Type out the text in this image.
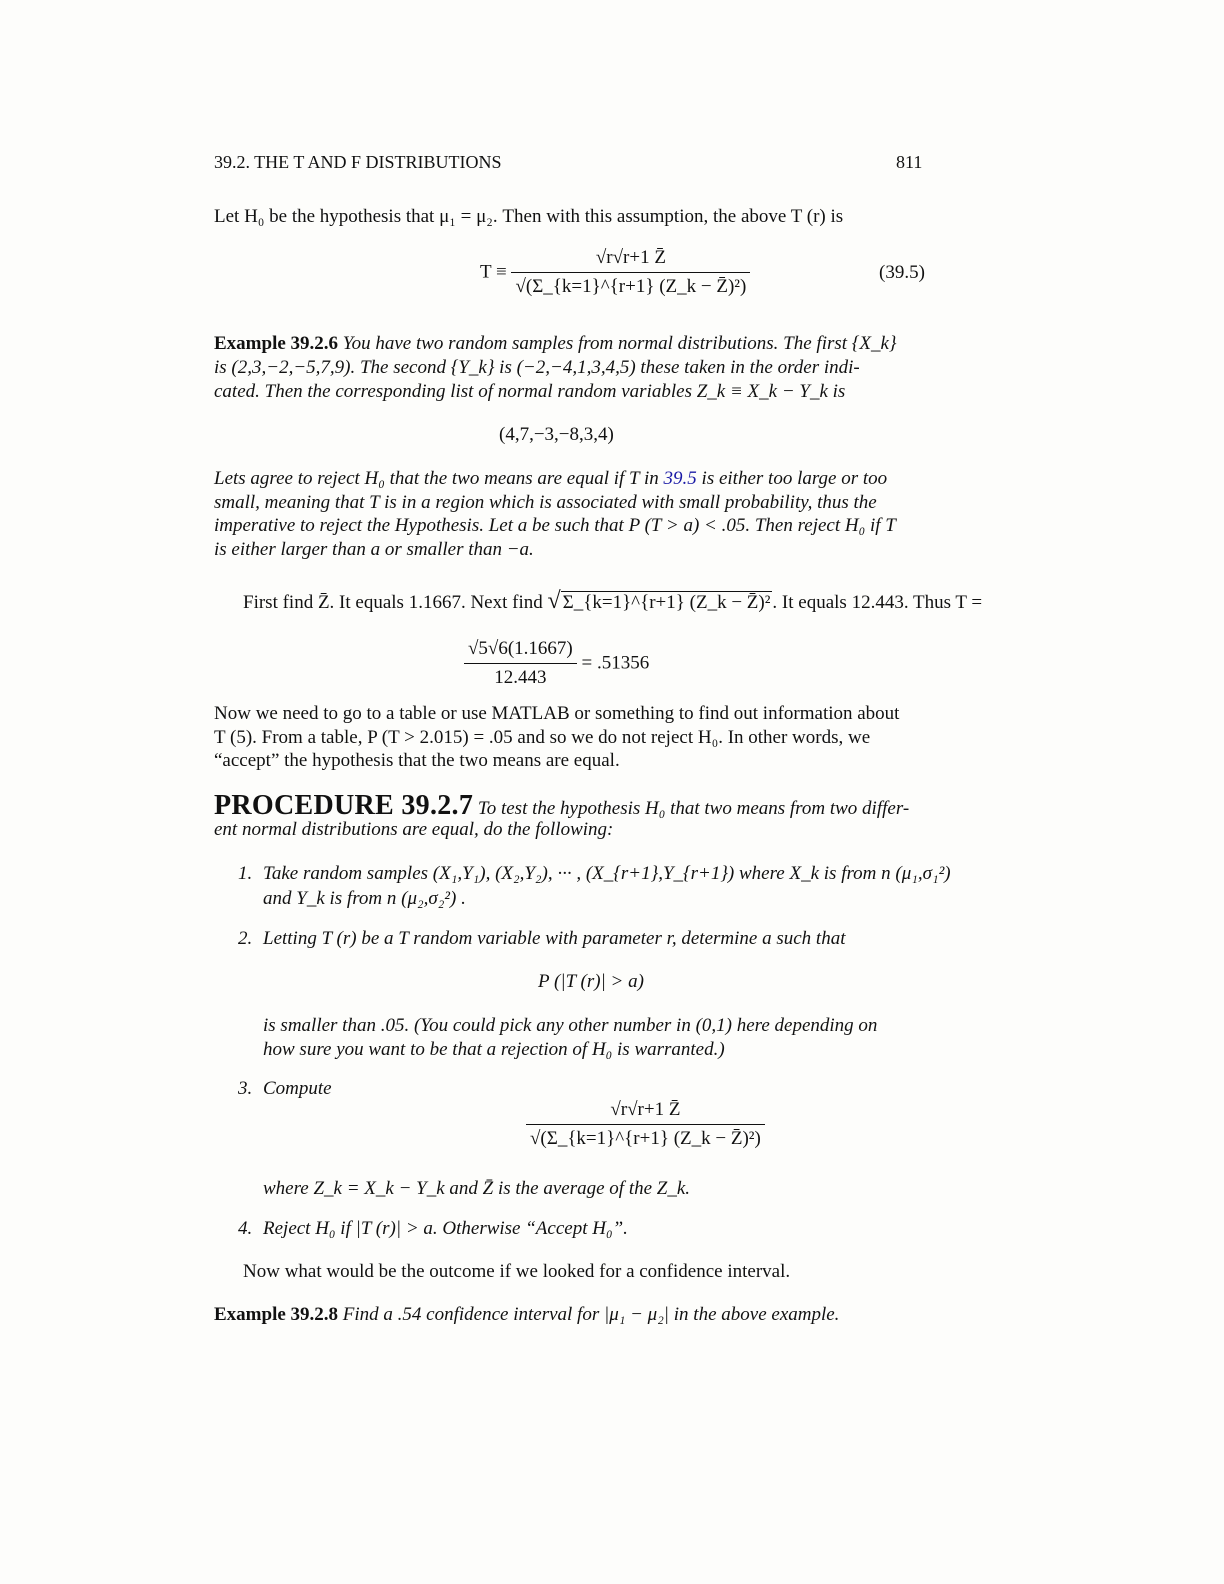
39.2. THE T AND F DISTRIBUTIONS	811
Let H₀ be the hypothesis that μ₁ = μ₂. Then with this assumption, the above T (r) is
$T \equiv \frac{√r√r+1 Z̄}{\text{√(Σ\_\{k=1\}\textasciicircum{}\{r+1\} (Z\_k − Z̄)²)}}$	(39.5)
Example 39.2.6 You have two random samples from normal distributions. The first {X_k}
is (2,3,−2,−5,7,9). The second {Y_k} is (−2,−4,1,3,4,5) these taken in the order indi-
cated. Then the corresponding list of normal random variables Z_k ≡ X_k − Y_k is
(4,7,−3,−8,3,4)
Lets agree to reject H₀ that the two means are equal if T in 39.5 is either too large or too
small, meaning that T is in a region which is associated with small probability, thus the
imperative to reject the Hypothesis. Let a be such that P (T > a) < .05. Then reject H₀ if T
is either larger than a or smaller than −a.
First find Z̄. It equals 1.1667. Next find √ Σ_{k=1}^{r+1} (Z_k − Z̄)² . It equals 12.443. Thus T =
$\frac{√5√6(1.1667)}{12.443} = .51356$
Now we need to go to a table or use MATLAB or something to find out information about
T (5). From a table, P (T > 2.015) = .05 and so we do not reject H₀. In other words, we
“accept” the hypothesis that the two means are equal.
PROCEDURE 39.2.7 To test the hypothesis H₀ that two means from two differ-
ent normal distributions are equal, do the following:
1. Take random samples (X₁,Y₁), (X₂,Y₂), ··· , (X_{r+1},Y_{r+1}) where X_k is from n (μ₁,σ₁²)
and Y_k is from n (μ₂,σ₂²) .
2. Letting T (r) be a T random variable with parameter r, determine a such that
P (|T (r)| > a)
is smaller than .05. (You could pick any other number in (0,1) here depending on
how sure you want to be that a rejection of H₀ is warranted.)
3. Compute
$\frac{√r√r+1 Z̄}{\text{√(Σ\_\{k=1\}\textasciicircum{}\{r+1\} (Z\_k − Z̄)²)}}$
where Z_k = X_k − Y_k and Z̄ is the average of the Z_k.
4. Reject H₀ if |T (r)| > a. Otherwise “Accept H₀”.
Now what would be the outcome if we looked for a confidence interval.
Example 39.2.8 Find a .54 confidence interval for |μ₁ − μ₂| in the above example.
